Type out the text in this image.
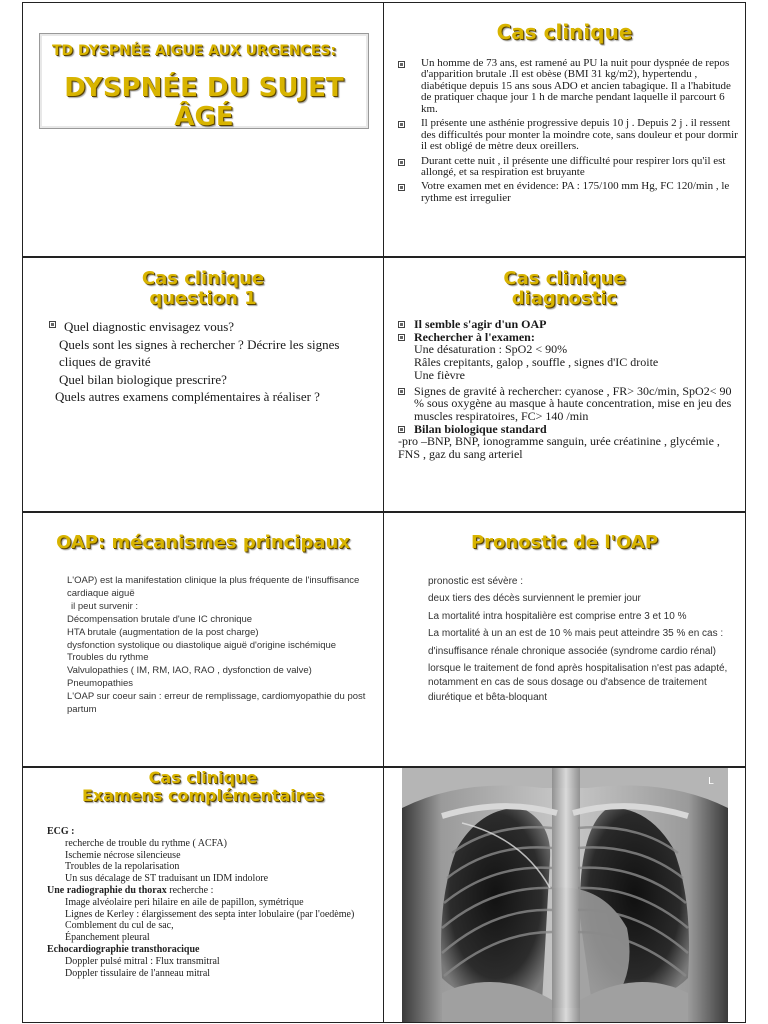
TD DYSPNÉE AIGUE AUX URGENCES:
DYSPNÉE DU SUJET ÂGÉ
Cas clinique
Un homme de 73 ans, est ramené au PU la nuit pour dyspnée de repos d'apparition brutale .Il est obèse (BMI 31 kg/m2), hypertendu , diabétique depuis 15 ans sous ADO et ancien tabagique. Il a l'habitude de pratiquer chaque jour 1 h de marche pendant laquelle il parcourt 6 km.
Il présente une asthénie progressive depuis 10 j . Depuis 2 j . il ressent des difficultés pour monter la moindre cote, sans douleur et pour dormir il est obligé de mètre deux oreillers.
Durant cette nuit , il présente une difficulté pour respirer lors qu'il est allongé, et sa respiration est bruyante
Votre examen met en évidence: PA : 175/100 mm Hg, FC 120/min , le rythme est irregulier
Cas clinique
question 1
Quel diagnostic envisagez vous?
Quels sont les signes à rechercher ? Décrire les signes cliques de gravité
Quel bilan biologique prescrire?
Quels autres examens complémentaires à réaliser ?
Cas clinique
diagnostic
Il semble s'agir d'un OAP
Rechercher à l'examen:
Une désaturation : SpO2 < 90%
Râles crepitants, galop , souffle , signes d'IC droite
Une fièvre
Signes de gravité à rechercher: cyanose , FR> 30c/min, SpO2< 90 % sous oxygène au masque à haute concentration, mise en jeu des muscles respiratoires, FC> 140 /min
Bilan biologique standard
-pro –BNP, BNP, ionogramme sanguin, urée créatinine , glycémie , FNS , gaz du sang arteriel
OAP: mécanismes principaux
L'OAP) est la manifestation clinique la plus fréquente de l'insuffisance cardiaque aiguë
il peut survenir :
Décompensation brutale d'une IC chronique
HTA brutale (augmentation de la post charge)
dysfonction systolique ou diastolique aiguë d'origine ischémique
Troubles du rythme
Valvulopathies ( IM, RM, IAO, RAO , dysfonction de valve)
Pneumopathies
L'OAP sur coeur sain : erreur de remplissage, cardiomyopathie du post partum
Pronostic de l'OAP
pronostic est sévère :
deux tiers des décès surviennent le premier jour
La mortalité intra hospitalière est comprise entre 3 et 10 %
La mortalité à un an est de 10 % mais peut atteindre 35 % en cas :
d'insuffisance rénale chronique associée (syndrome cardio rénal)
lorsque le traitement de fond après hospitalisation n'est pas adapté, notamment en cas de sous dosage ou d'absence de traitement diurétique et bêta-bloquant
Cas clinique
Examens complémentaires
ECG :
recherche de trouble du rythme ( ACFA)
Ischemie nécrose silencieuse
Troubles de la repolarisation
Un sus décalage de ST traduisant un IDM indolore
Une radiographie du thorax recherche :
Image alvéolaire peri hilaire en aile de papillon, symétrique
Lignes de Kerley : élargissement des septa inter lobulaire (par l'oedème)
Comblement du cul de sac,
Épanchement pleural
Echocardiographie transthoracique
Doppler pulsé mitral : Flux transmitral
Doppler tissulaire de l'anneau mitral
L
